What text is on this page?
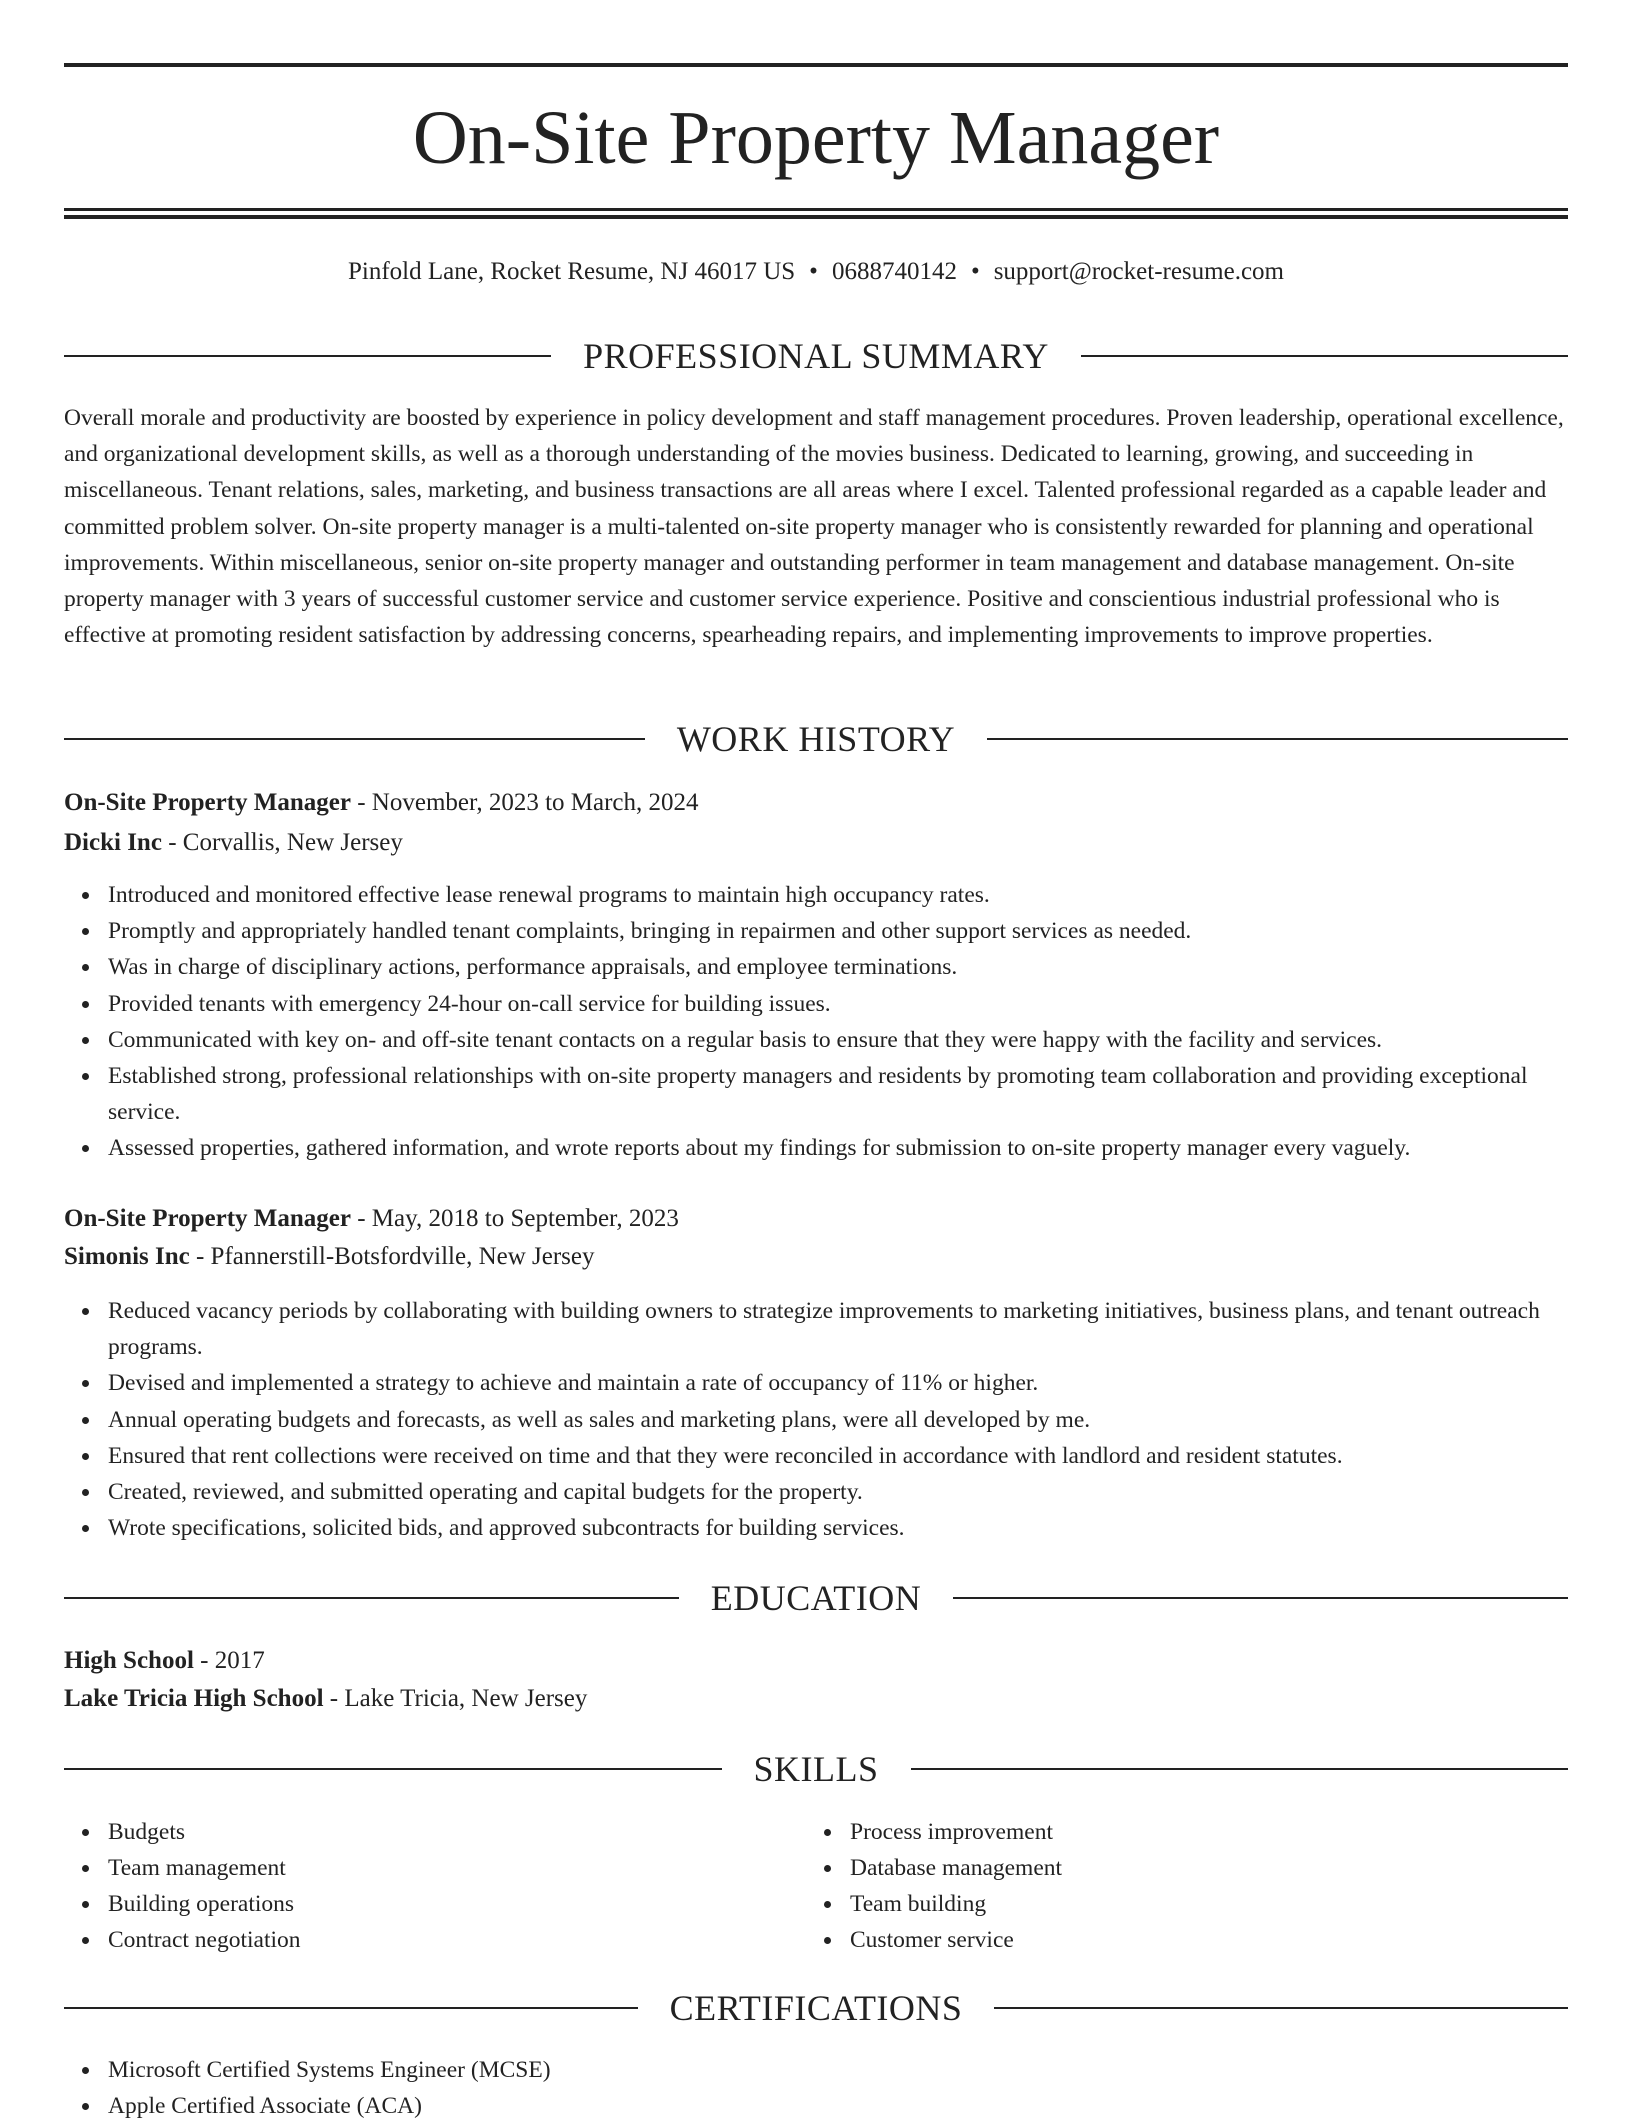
On-Site Property Manager
Pinfold Lane, Rocket Resume, NJ 46017 US • 0688740142 • support@rocket-resume.com
PROFESSIONAL SUMMARY

Overall morale and productivity are boosted by experience in policy development and staff management procedures. Proven leadership, operational excellence, and organizational development skills, as well as a thorough understanding of the movies business. Dedicated to learning, growing, and succeeding in miscellaneous. Tenant relations, sales, marketing, and business transactions are all areas where I excel. Talented professional regarded as a capable leader and committed problem solver. On-site property manager is a multi-talented on-site property manager who is consistently rewarded for planning and operational improvements. Within miscellaneous, senior on-site property manager and outstanding performer in team management and database management. On-site property manager with 3 years of successful customer service and customer service experience. Positive and conscientious industrial professional who is effective at promoting resident satisfaction by addressing concerns, spearheading repairs, and implementing improvements to improve properties.

WORK HISTORY
On-Site Property Manager - November, 2023 to March, 2024
Dicki Inc - Corvallis, New Jersey
Introduced and monitored effective lease renewal programs to maintain high occupancy rates.
Promptly and appropriately handled tenant complaints, bringing in repairmen and other support services as needed.
Was in charge of disciplinary actions, performance appraisals, and employee terminations.
Provided tenants with emergency 24-hour on-call service for building issues.
Communicated with key on- and off-site tenant contacts on a regular basis to ensure that they were happy with the facility and services.
Established strong, professional relationships with on-site property managers and residents by promoting team collaboration and providing exceptional service.
Assessed properties, gathered information, and wrote reports about my findings for submission to on-site property manager every vaguely.
On-Site Property Manager - May, 2018 to September, 2023
Simonis Inc - Pfannerstill-Botsfordville, New Jersey
Reduced vacancy periods by collaborating with building owners to strategize improvements to marketing initiatives, business plans, and tenant outreach programs.
Devised and implemented a strategy to achieve and maintain a rate of occupancy of 11% or higher.
Annual operating budgets and forecasts, as well as sales and marketing plans, were all developed by me.
Ensured that rent collections were received on time and that they were reconciled in accordance with landlord and resident statutes.
Created, reviewed, and submitted operating and capital budgets for the property.
Wrote specifications, solicited bids, and approved subcontracts for building services.
EDUCATION
High School - 2017
Lake Tricia High School - Lake Tricia, New Jersey
SKILLS
Budgets
Team management
Building operations
Contract negotiation
Process improvement
Database management
Team building
Customer service
CERTIFICATIONS
Microsoft Certified Systems Engineer (MCSE)
Apple Certified Associate (ACA)
